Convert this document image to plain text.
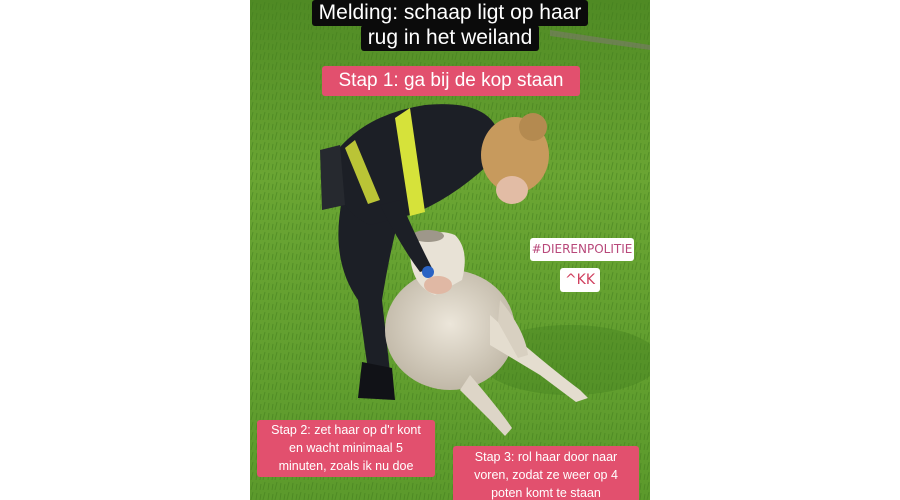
Melding: schaap ligt op haar
rug in het weiland
Stap 1: ga bij de kop staan
#DIERENPOLITIE
^KK
Stap 2: zet haar op d'r kont
en wacht minimaal 5
minuten, zoals ik nu doe
Stap 3: rol haar door naar
voren, zodat ze weer op 4
poten komt te staan
